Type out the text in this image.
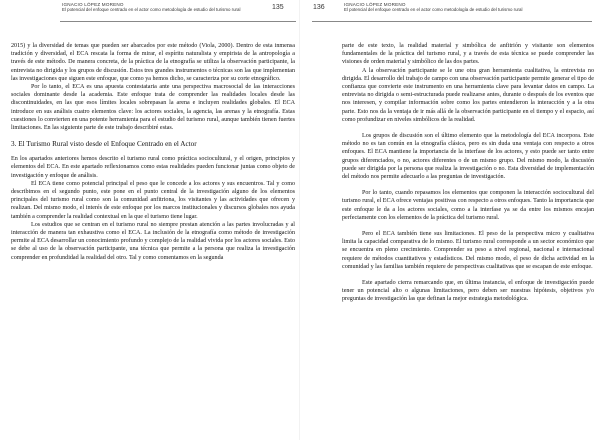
IGNACIO LÓPEZ MORENO
El potencial del enfoque centrado en el actor como metodología de estudio del turismo rural	135

2015) y la diversidad de temas que pueden ser abarcados por este método (Viola, 2000). Dentro de esta inmensa tradición y diversidad, el ECA rescata la forma de mirar, el espíritu naturalista y empirista de la antropología a través de este método. De manera concreta, de la práctica de la etnografía se utiliza la observación participante, la entrevista no dirigida y los grupos de discusión. Estos tres grandes instrumentos o técnicas son las que implementan las investigaciones que siguen este enfoque, que como ya hemos dicho, se caracteriza por su corte etnográfico.

Por lo tanto, el ECA es una apuesta contestataria ante una perspectiva macrosocial de las interacciones sociales dominante desde la academia. Este enfoque trata de comprender las realidades locales desde las discontinuidades, en las que esos límites locales sobrepasan la arena e incluyen realidades globales. El ECA introduce en sus análisis cuatro elementos clave: los actores sociales, la agencia, las arenas y la etnografía. Estas cuestiones lo convierten en una potente herramienta para el estudio del turismo rural, aunque también tienen fuertes limitaciones. En las siguiente parte de este trabajo describiré estas.

3. El Turismo Rural visto desde el Enfoque Centrado en el Actor

En los apartados anteriores hemos descrito el turismo rural como práctica sociocultural, y el origen, principios y elementos del ECA. En este apartado reflexionamos como estas realidades pueden funcionar juntas como objeto de investigación y enfoque de análisis.

El ECA tiene como potencial principal el peso que le concede a los actores y sus encuentros. Tal y como describimos en el segundo punto, este pone en el punto central de la investigación alguno de los elementos principales del turismo rural como son la comunidad anfitriona, los visitantes y las actividades que ofrecen y realizan. Del mismo modo, el interés de este enfoque por los marcos institucionales y discursos globales nos ayuda también a comprender la realidad contextual en la que el turismo tiene lugar.

Los estudios que se centran en el turismo rural no siempre prestan atención a las partes involucradas y al interacción de manera tan exhaustiva como el ECA. La inclusión de la etnografía como método de investigación permite al ECA desarrollar un conocimiento profundo y complejo de la realidad vivida por los actores sociales. Esto se debe al uso de la observación participante, una técnica que permite a la persona que realiza la investigación comprender en profundidad la realidad del otro. Tal y como comentamos en la segunda

136	IGNACIO LÓPEZ MORENO
El potencial del enfoque centrado en el actor como metodología de estudio del turismo rural

parte de este texto, la realidad material y simbólica de anfitrión y visitante son elementos fundamentales de la práctica del turismo rural, y a través de esta técnica se puede comprender las visiones de orden material y simbólico de las dos partes.

A la observación participante se le une otra gran herramienta cualitativa, la entrevista no dirigida. El desarrollo del trabajo de campo con una observación participante permite generar el tipo de confianza que convierte este instrumento en una herramienta clave para levantar datos en campo. La entrevista no dirigida o semi-estructurada puede realizarse antes, durante o después de los eventos que nos interesen, y compilar información sobre como los partes entendieron la interacción y a la otra parte. Esto nos da la ventaja de ir más allá de la observación participante en el tiempo y el espacio, así como profundizar en niveles simbólicos de la realidad.

Los grupos de discusión son el último elemento que la metodología del ECA incorpora. Este método no es tan común en la etnografía clásica, pero es sin duda una ventaja con respecto a otros enfoques. El ECA mantiene la importancia de la interfase de los actores, y esto puede ser tanto entre grupos diferenciados, o no, actores diferentes o de un mismo grupo. Del mismo modo, la discusión puede ser dirigida por la persona que realiza la investigación o no. Esta diversidad de implementación del método nos permite adecuarlo a las preguntas de investigación.

Por lo tanto, cuando repasamos los elementos que componen la interacción sociocultural del turismo rural, el ECA ofrece ventajas positivas con respecto a otros enfoques. Tanto la importancia que este enfoque le da a los actores sociales, como a la interfase ya se da entre los mismos encajan perfectamente con los elementos de la práctica del turismo rural.

Pero el ECA también tiene sus limitaciones. El peso de la perspectiva micro y cualitativa limita la capacidad comparativa de lo mismo. El turismo rural corresponde a un sector económico que se encuentra en pleno crecimiento. Comprender su peso a nivel regional, nacional e internacional requiere de métodos cuantitativos y estadísticos. Del mismo modo, el peso de dicha actividad en la comunidad y las familias también requiere de perspectivas cualitativas que se escapan de este enfoque.

Este apartado cierra remarcando que, en última instancia, el enfoque de investigación puede tener un potencial alto o algunas limitaciones, pero deben ser nuestras hipótesis, objetivos y/o preguntas de investigación las que definan la mejor estrategia metodológica.
